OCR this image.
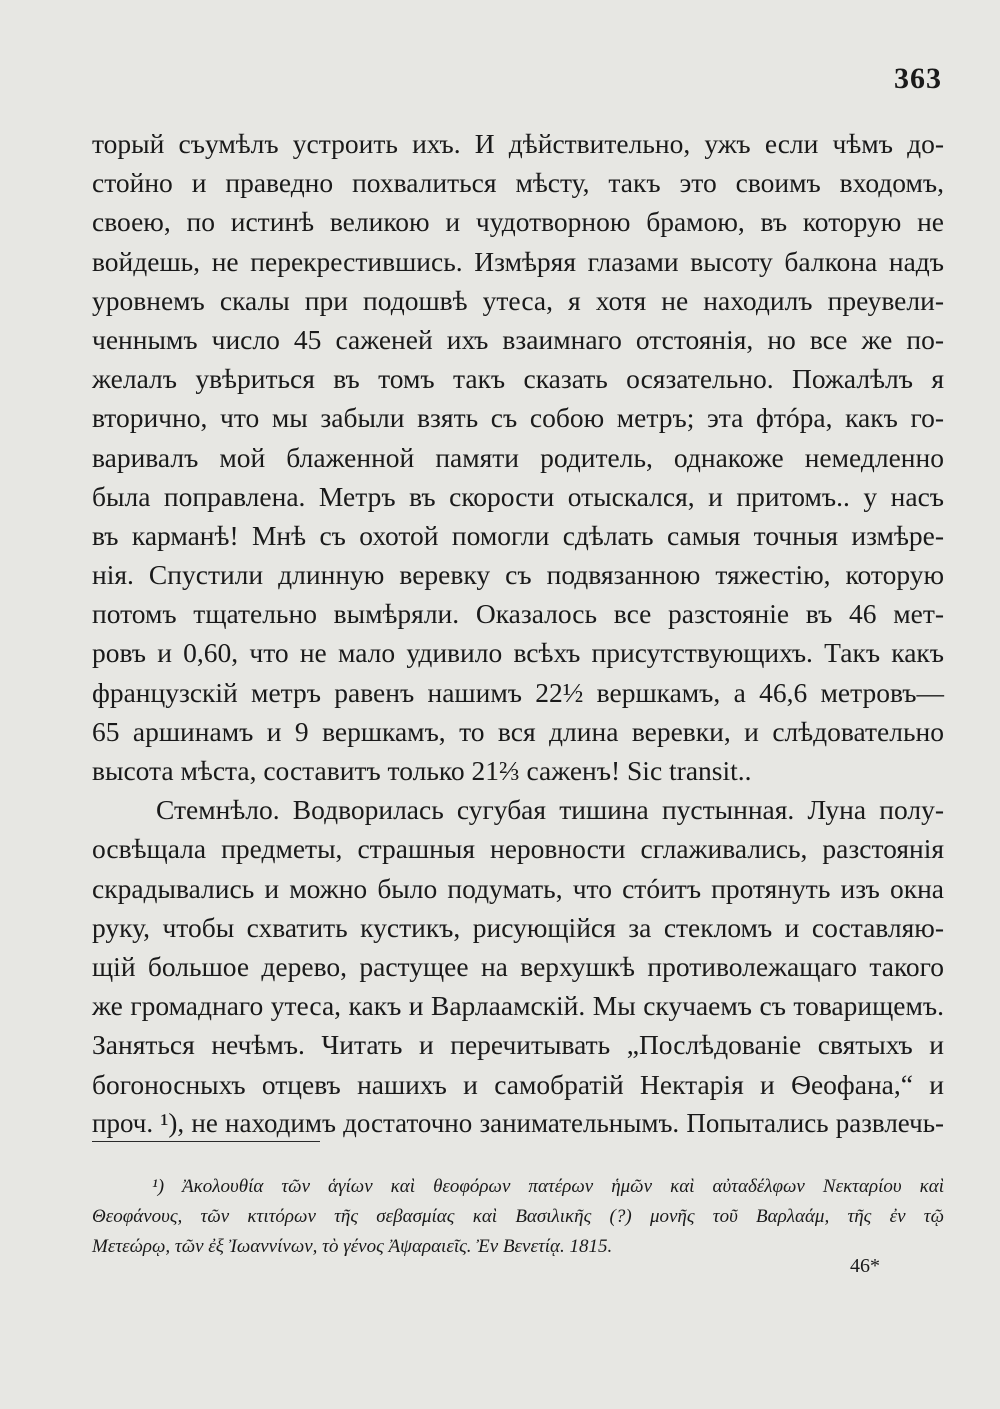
363
торый съумѣлъ устроить ихъ. И дѣйствительно, ужъ если чѣмъ до-
стойно и праведно похвалиться мѣсту, такъ это своимъ входомъ,
своею, по истинѣ великою и чудотворною брамою, въ которую не
войдешь, не перекрестившись. Измѣряя глазами высоту балкона надъ
уровнемъ скалы при подошвѣ утеса, я хотя не находилъ преувели-
ченнымъ число 45 саженей ихъ взаимнаго отстоянія, но все же по-
желалъ увѣриться въ томъ такъ сказать осязательно. Пожалѣлъ я
вторично, что мы забыли взять съ собою метръ; эта фтóра, какъ го-
варивалъ мой блаженной памяти родитель, однакоже немедленно
была поправлена. Метръ въ скорости отыскался, и притомъ.. у насъ
въ карманѣ! Мнѣ съ охотой помогли сдѣлать самыя точныя измѣре-
нія. Спустили длинную веревку съ подвязанною тяжестію, которую
потомъ тщательно вымѣряли. Оказалось все разстояніе въ 46 мет-
ровъ и 0,60, что не мало удивило всѣхъ присутствующихъ. Такъ какъ
французскій метръ равенъ нашимъ 22½ вершкамъ, а 46,6 метровъ—
65 аршинамъ и 9 вершкамъ, то вся длина веревки, и слѣдовательно
высота мѣста, составитъ только 21⅔ саженъ! Sic transit..
Стемнѣло. Водворилась сугубая тишина пустынная. Луна полу-
освѣщала предметы, страшныя неровности сглаживались, разстоянія
скрадывались и можно было подумать, что стóитъ протянуть изъ окна
руку, чтобы схватить кустикъ, рисующійся за стекломъ и составляю-
щій большое дерево, растущее на верхушкѣ противолежащаго такого
же громаднаго утеса, какъ и Варлаамскій. Мы скучаемъ съ товарищемъ.
Заняться нечѣмъ. Читать и перечитывать „Послѣдованіе святыхъ и
богоносныхъ отцевъ нашихъ и самобратій Нектарія и Ѳеофана,“ и
проч. ¹), не находимъ достаточно занимательнымъ. Попытались развлечь-
¹) Ἀκολουθία τῶν ἁγίων καὶ θεοφόρων πατέρων ἡμῶν καὶ αὐταδέλφων Νεκταρίου καὶ
Θεοφάνους, τῶν κτιτόρων τῆς σεβασμίας καὶ Βασιλικῆς (?) μονῆς τοῦ Βαρλαάμ, τῆς ἐν τῷ
Μετεώρῳ, τῶν ἐξ Ἰωαννίνων, τὸ γένος Ἀψαραιεῖς. Ἐν Βενετίᾳ. 1815.
46*
